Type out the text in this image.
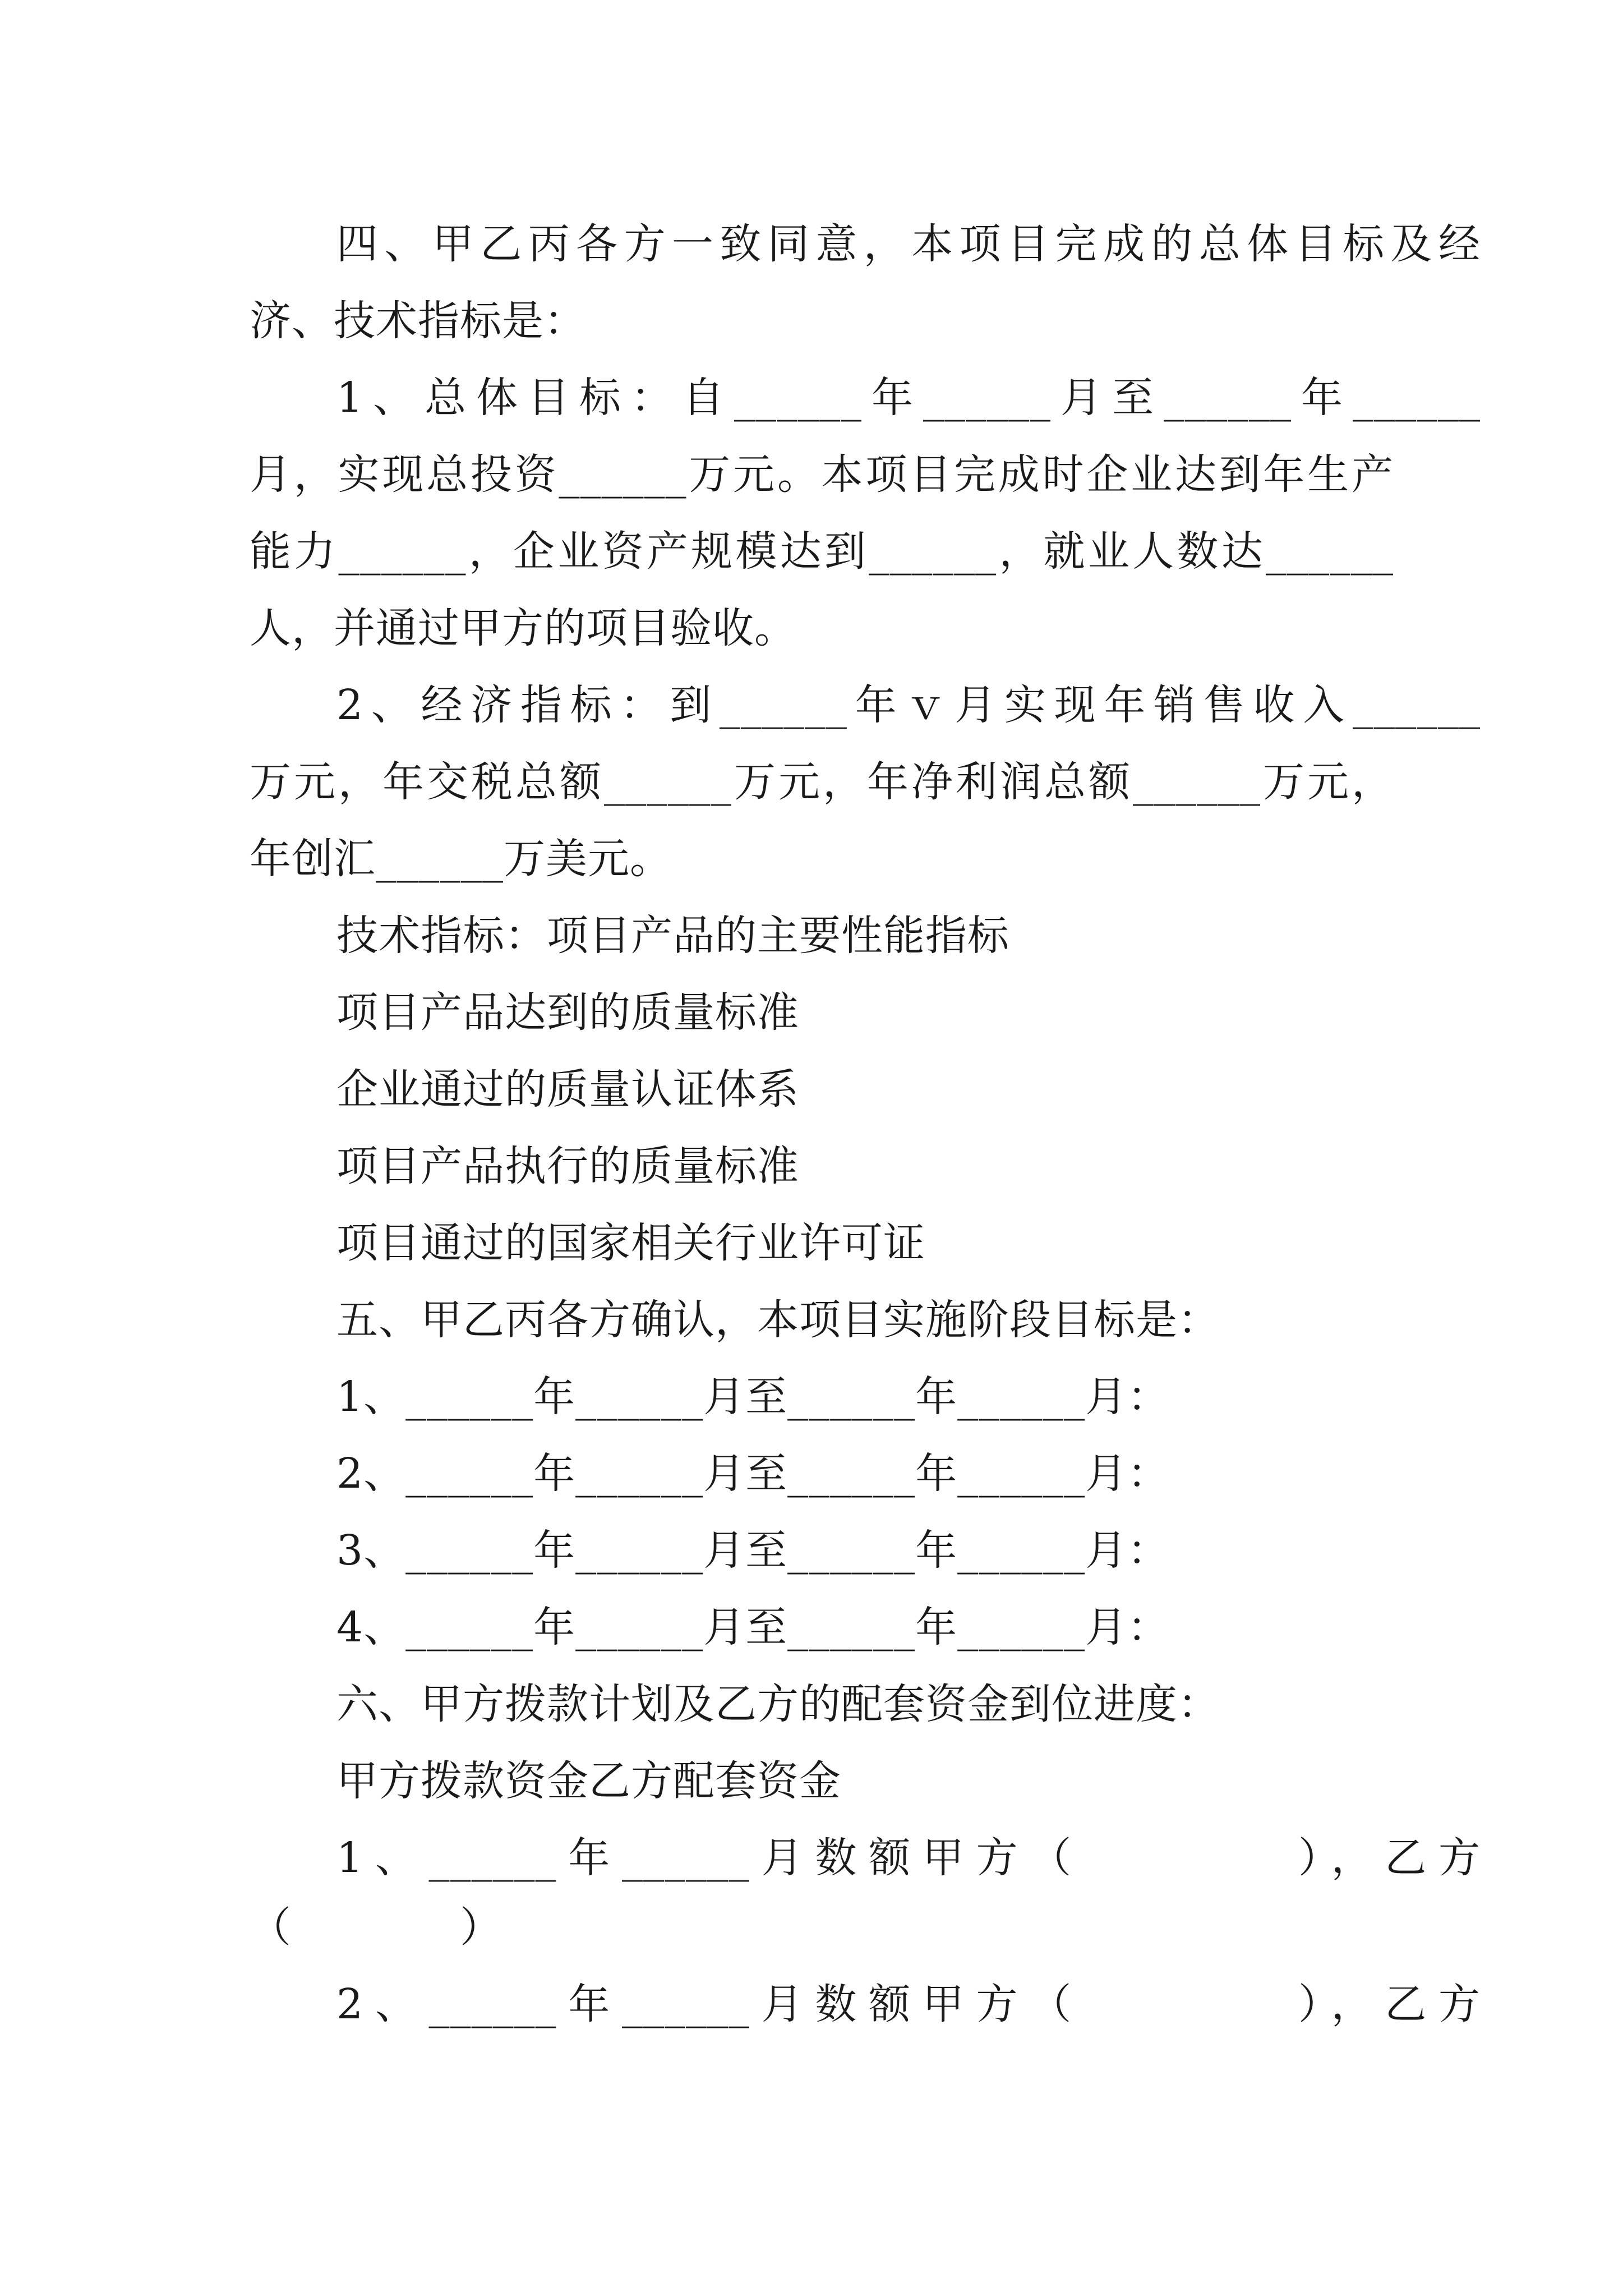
四、甲乙丙各方一致同意，本项目完成的总体目标及经
济、技术指标是：
1、总体目标：自______年______月至______年______
月，实现总投资______万元。本项目完成时企业达到年生产
能力______，企业资产规模达到______，就业人数达______
人，并通过甲方的项目验收。
2、经济指标：到______年ｖ月实现年销售收入______
万元，年交税总额______万元，年净利润总额______万元，
年创汇______万美元。
技术指标：项目产品的主要性能指标
项目产品达到的质量标准
企业通过的质量认证体系
项目产品执行的质量标准
项目通过的国家相关行业许可证
五、甲乙丙各方确认，本项目实施阶段目标是：
1、______年______月至______年______月：
2、______年______月至______年______月：
3、______年______月至______年______月：
4、______年______月至______年______月：
六、甲方拨款计划及乙方的配套资金到位进度：
甲方拨款资金乙方配套资金
1、______年______月数额甲方（　　　　），乙方
（　　　　）
2、______年______月数额甲方（　　　　），乙方
